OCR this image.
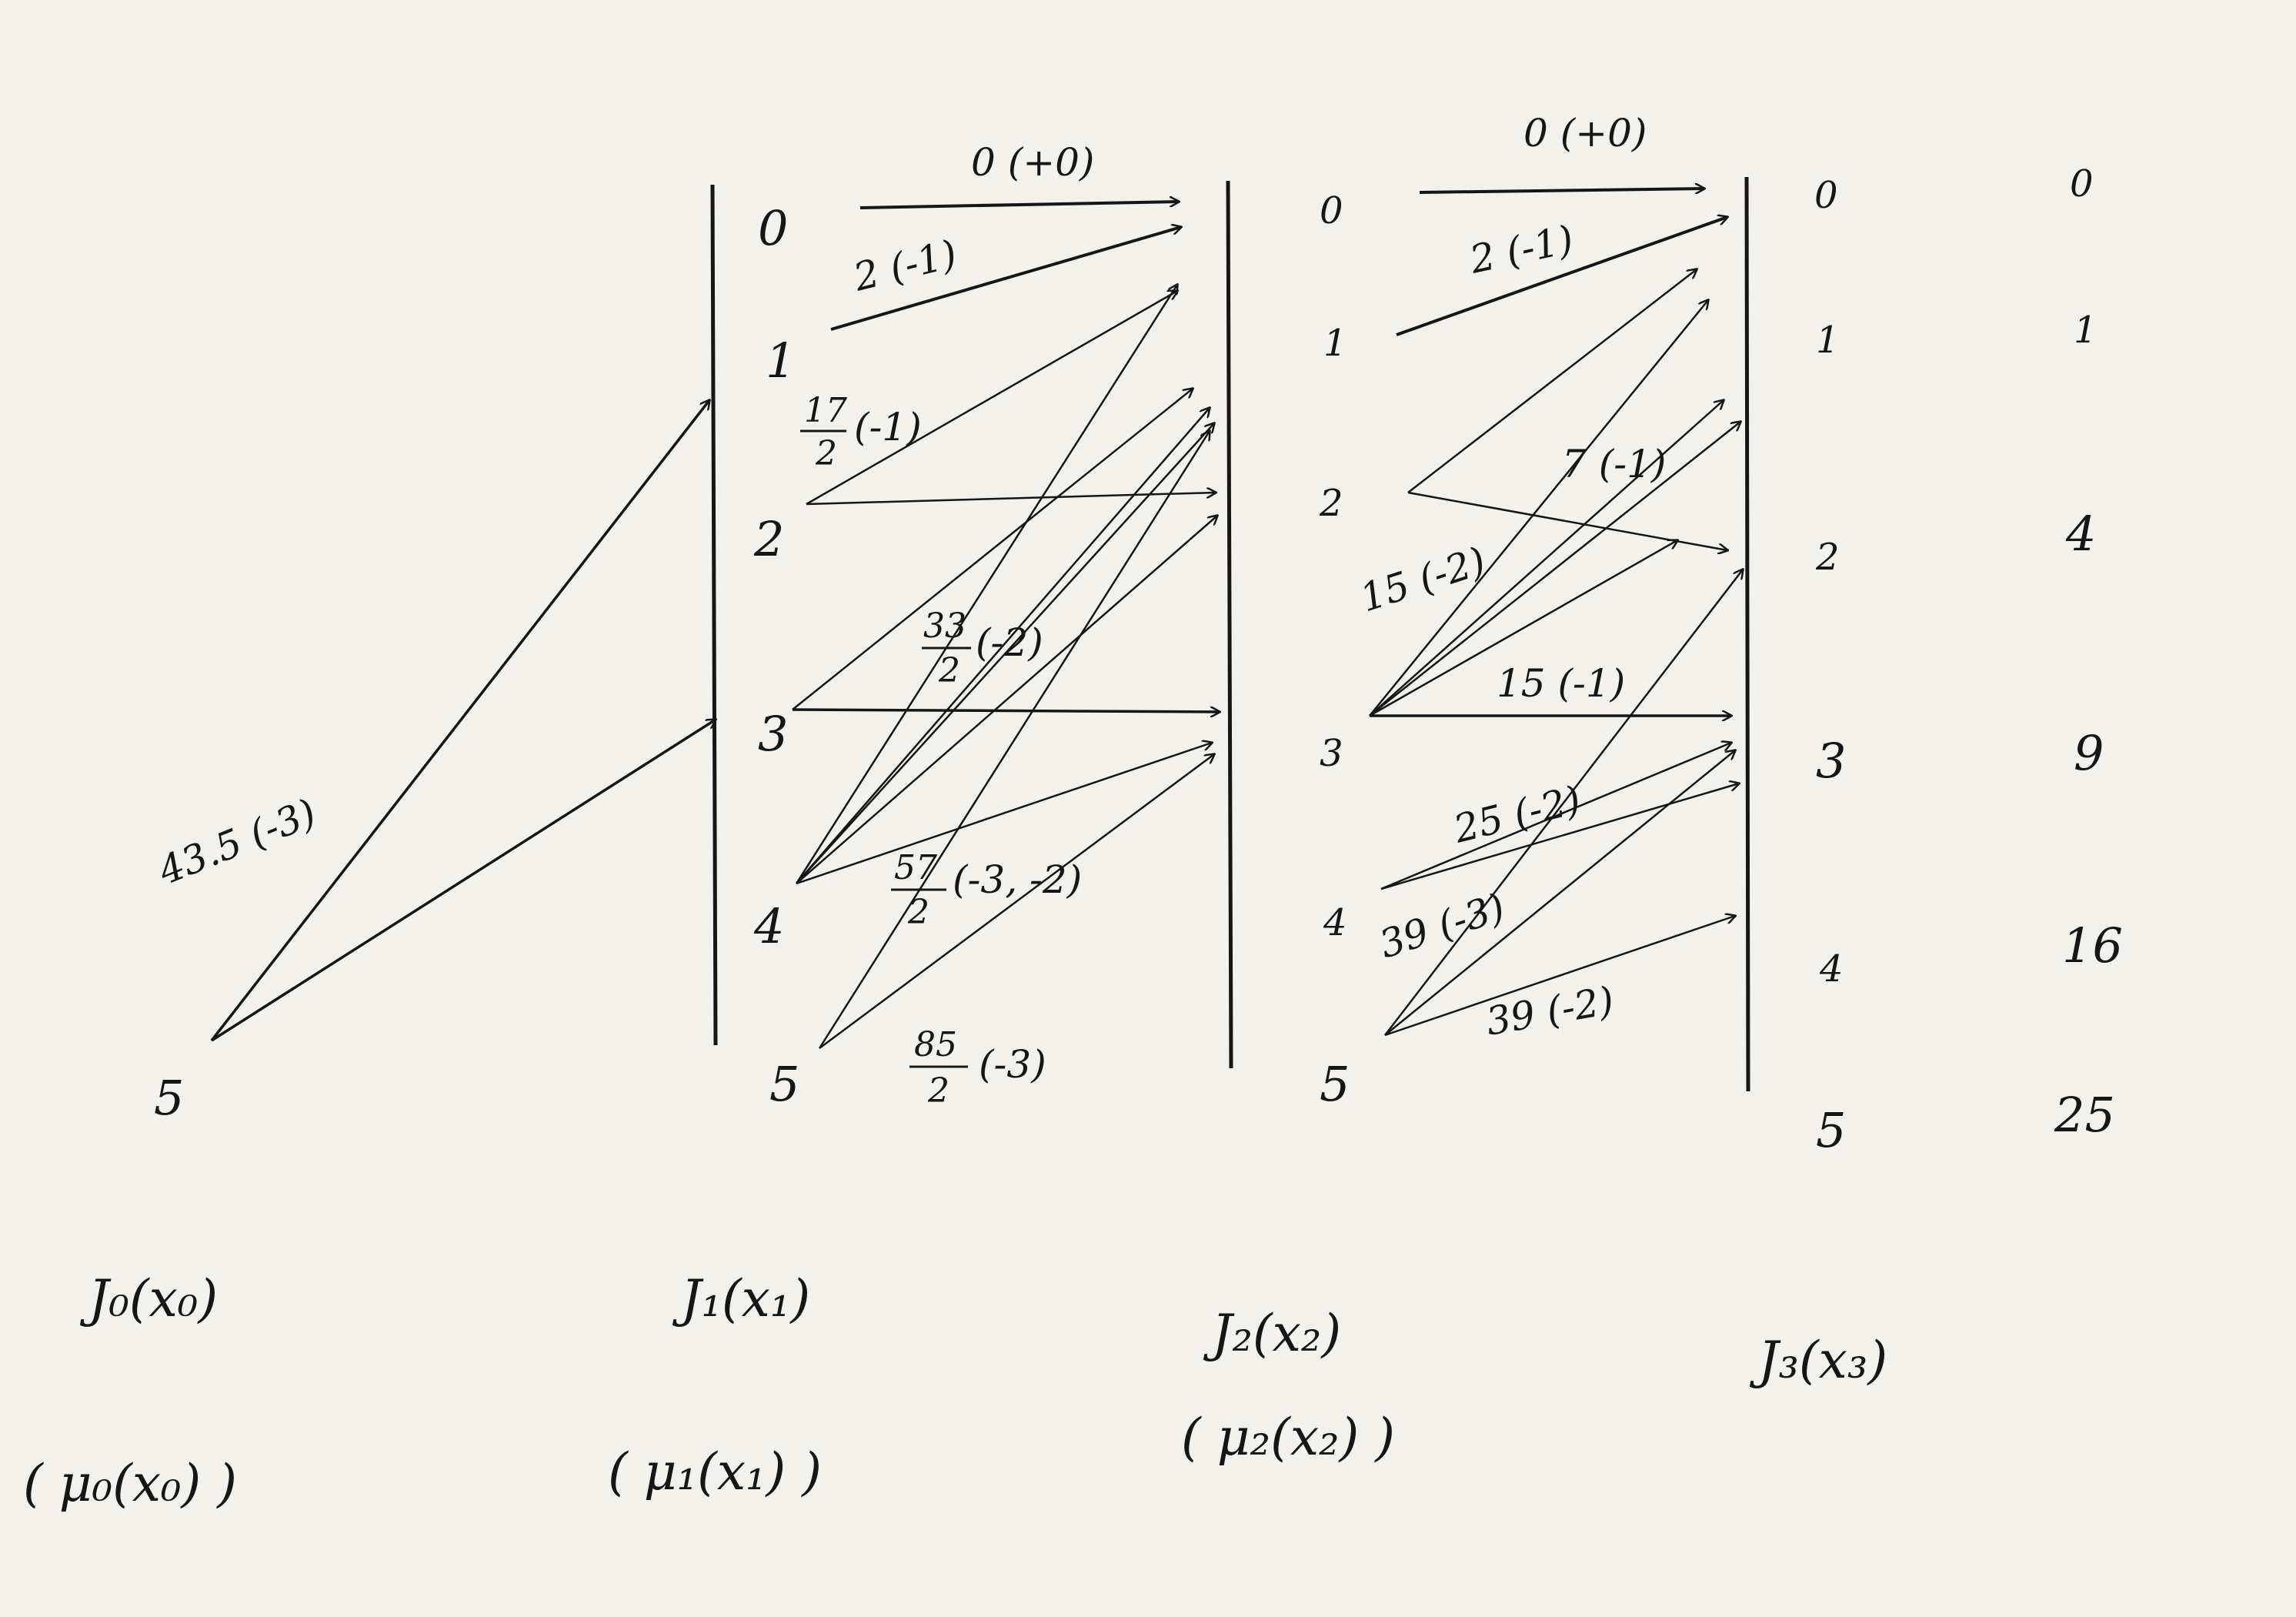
5
0
1
2
3
4
5
0
1
2
3
4
5
0
1
2
3
4
5
0
1
4
9
16
25
43.5 (-3)
0 (+0)
2 (-1)
17
2
(-1)
33
2
(-2)
57
2
(-3, -2)
85
2
(-3)
0 (+0)
2 (-1)
7 (-1)
15 (-2)
15 (-1)
25 (-2)
39 (-3)
39 (-2)
J₀(x₀)
( μ₀(x₀) )
J₁(x₁)
( μ₁(x₁) )
J₂(x₂)
( μ₂(x₂) )
J₃(x₃)
